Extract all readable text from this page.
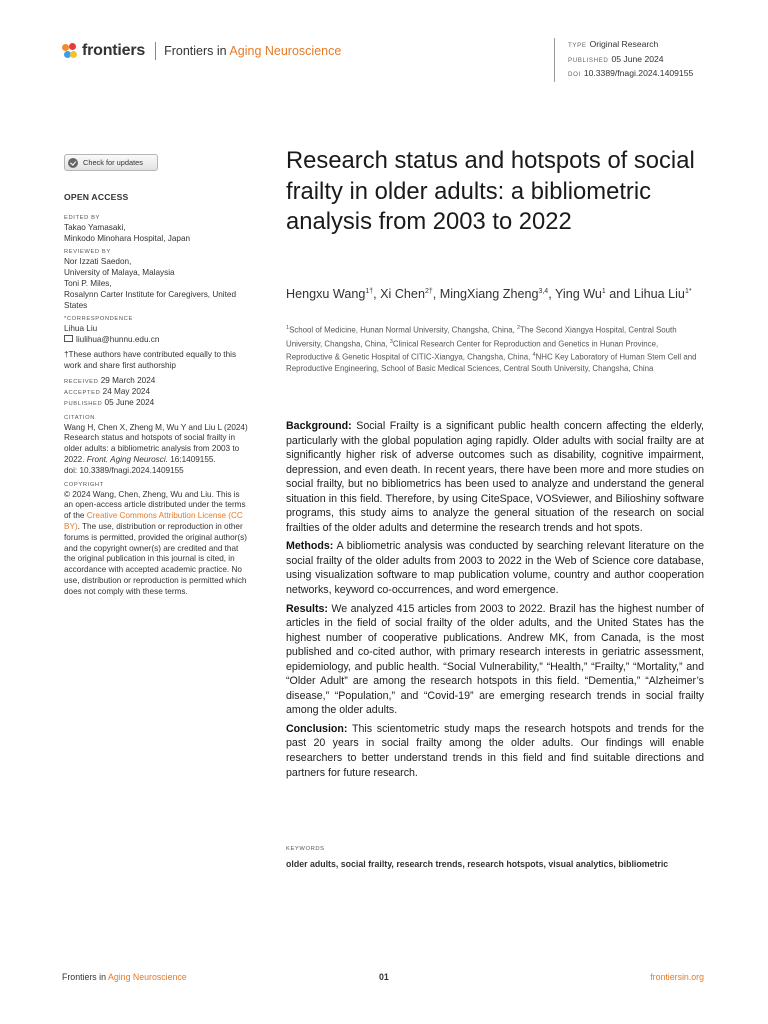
frontiers Frontiers in Aging Neuroscience	TYPE Original Research
PUBLISHED 05 June 2024
DOI 10.3389/fnagi.2024.1409155
Check for updates
OPEN ACCESS
EDITED BY
Takao Yamasaki,
Minkodo Minohara Hospital, Japan
REVIEWED BY
Nor Izzati Saedon,
University of Malaya, Malaysia
Toni P. Miles,
Rosalynn Carter Institute for Caregivers, United States
*CORRESPONDENCE
Lihua Liu
liulihua@hunnu.edu.cn
†These authors have contributed equally to this work and share first authorship
RECEIVED 29 March 2024
ACCEPTED 24 May 2024
PUBLISHED 05 June 2024
CITATION
Wang H, Chen X, Zheng M, Wu Y and Liu L (2024) Research status and hotspots of social frailty in older adults: a bibliometric analysis from 2003 to 2022. Front. Aging Neurosci. 16:1409155.
doi: 10.3389/fnagi.2024.1409155
COPYRIGHT
© 2024 Wang, Chen, Zheng, Wu and Liu. This is an open-access article distributed under the terms of the Creative Commons Attribution License (CC BY). The use, distribution or reproduction in other forums is permitted, provided the original author(s) and the copyright owner(s) are credited and that the original publication in this journal is cited, in accordance with accepted academic practice. No use, distribution or reproduction is permitted which does not comply with these terms.
Research status and hotspots of social frailty in older adults: a bibliometric analysis from 2003 to 2022
Hengxu Wang$^{1\dagger}$, Xi Chen$^{2\dagger}$, MingXiang Zheng$^{3,4}$, Ying Wu$^1$ and Lihua Liu$^{1*}$
$^1$School of Medicine, Hunan Normal University, Changsha, China, $^2$The Second Xiangya Hospital, Central South University, Changsha, China, $^3$Clinical Research Center for Reproduction and Genetics in Hunan Province, Reproductive & Genetic Hospital of CITIC-Xiangya, Changsha, China, $^4$NHC Key Laboratory of Human Stem Cell and Reproductive Engineering, School of Basic Medical Sciences, Central South University, Changsha, China

Background: Social Frailty is a significant public health concern affecting the elderly, particularly with the global population aging rapidly. Older adults with social frailty are at significantly higher risk of adverse outcomes such as disability, cognitive impairment, depression, and even death. In recent years, there have been more and more studies on social frailty, but no bibliometrics has been used to analyze and understand the general situation in this field. Therefore, by using CiteSpace, VOSviewer, and Bilioshiny software programs, this study aims to analyze the general situation of the research on social frailties of the older adults and determine the research trends and hot spots.

Methods: A bibliometric analysis was conducted by searching relevant literature on the social frailty of the older adults from 2003 to 2022 in the Web of Science core database, using visualization software to map publication volume, country and author cooperation networks, keyword co-occurrences, and word emergence.

Results: We analyzed 415 articles from 2003 to 2022. Brazil has the highest number of articles in the field of social frailty of the older adults, and the United States has the highest number of cooperative publications. Andrew MK, from Canada, is the most published and co-cited author, with primary research interests in geriatric assessment, epidemiology, and public health. “Social Vulnerability,” “Health,” “Frailty,” “Mortality,” and “Older Adult” are among the research hotspots in this field. “Dementia,” “Alzheimer’s disease,” “Population,” and “Covid-19” are emerging research trends in social frailty among the older adults.

Conclusion: This scientometric study maps the research hotspots and trends for the past 20 years in social frailty among the older adults. Our findings will enable researchers to better understand trends in this field and find suitable directions and partners for future research.

KEYWORDS
older adults, social frailty, research trends, research hotspots, visual analytics, bibliometric
Frontiers in Aging Neuroscience	01	frontiersin.org
